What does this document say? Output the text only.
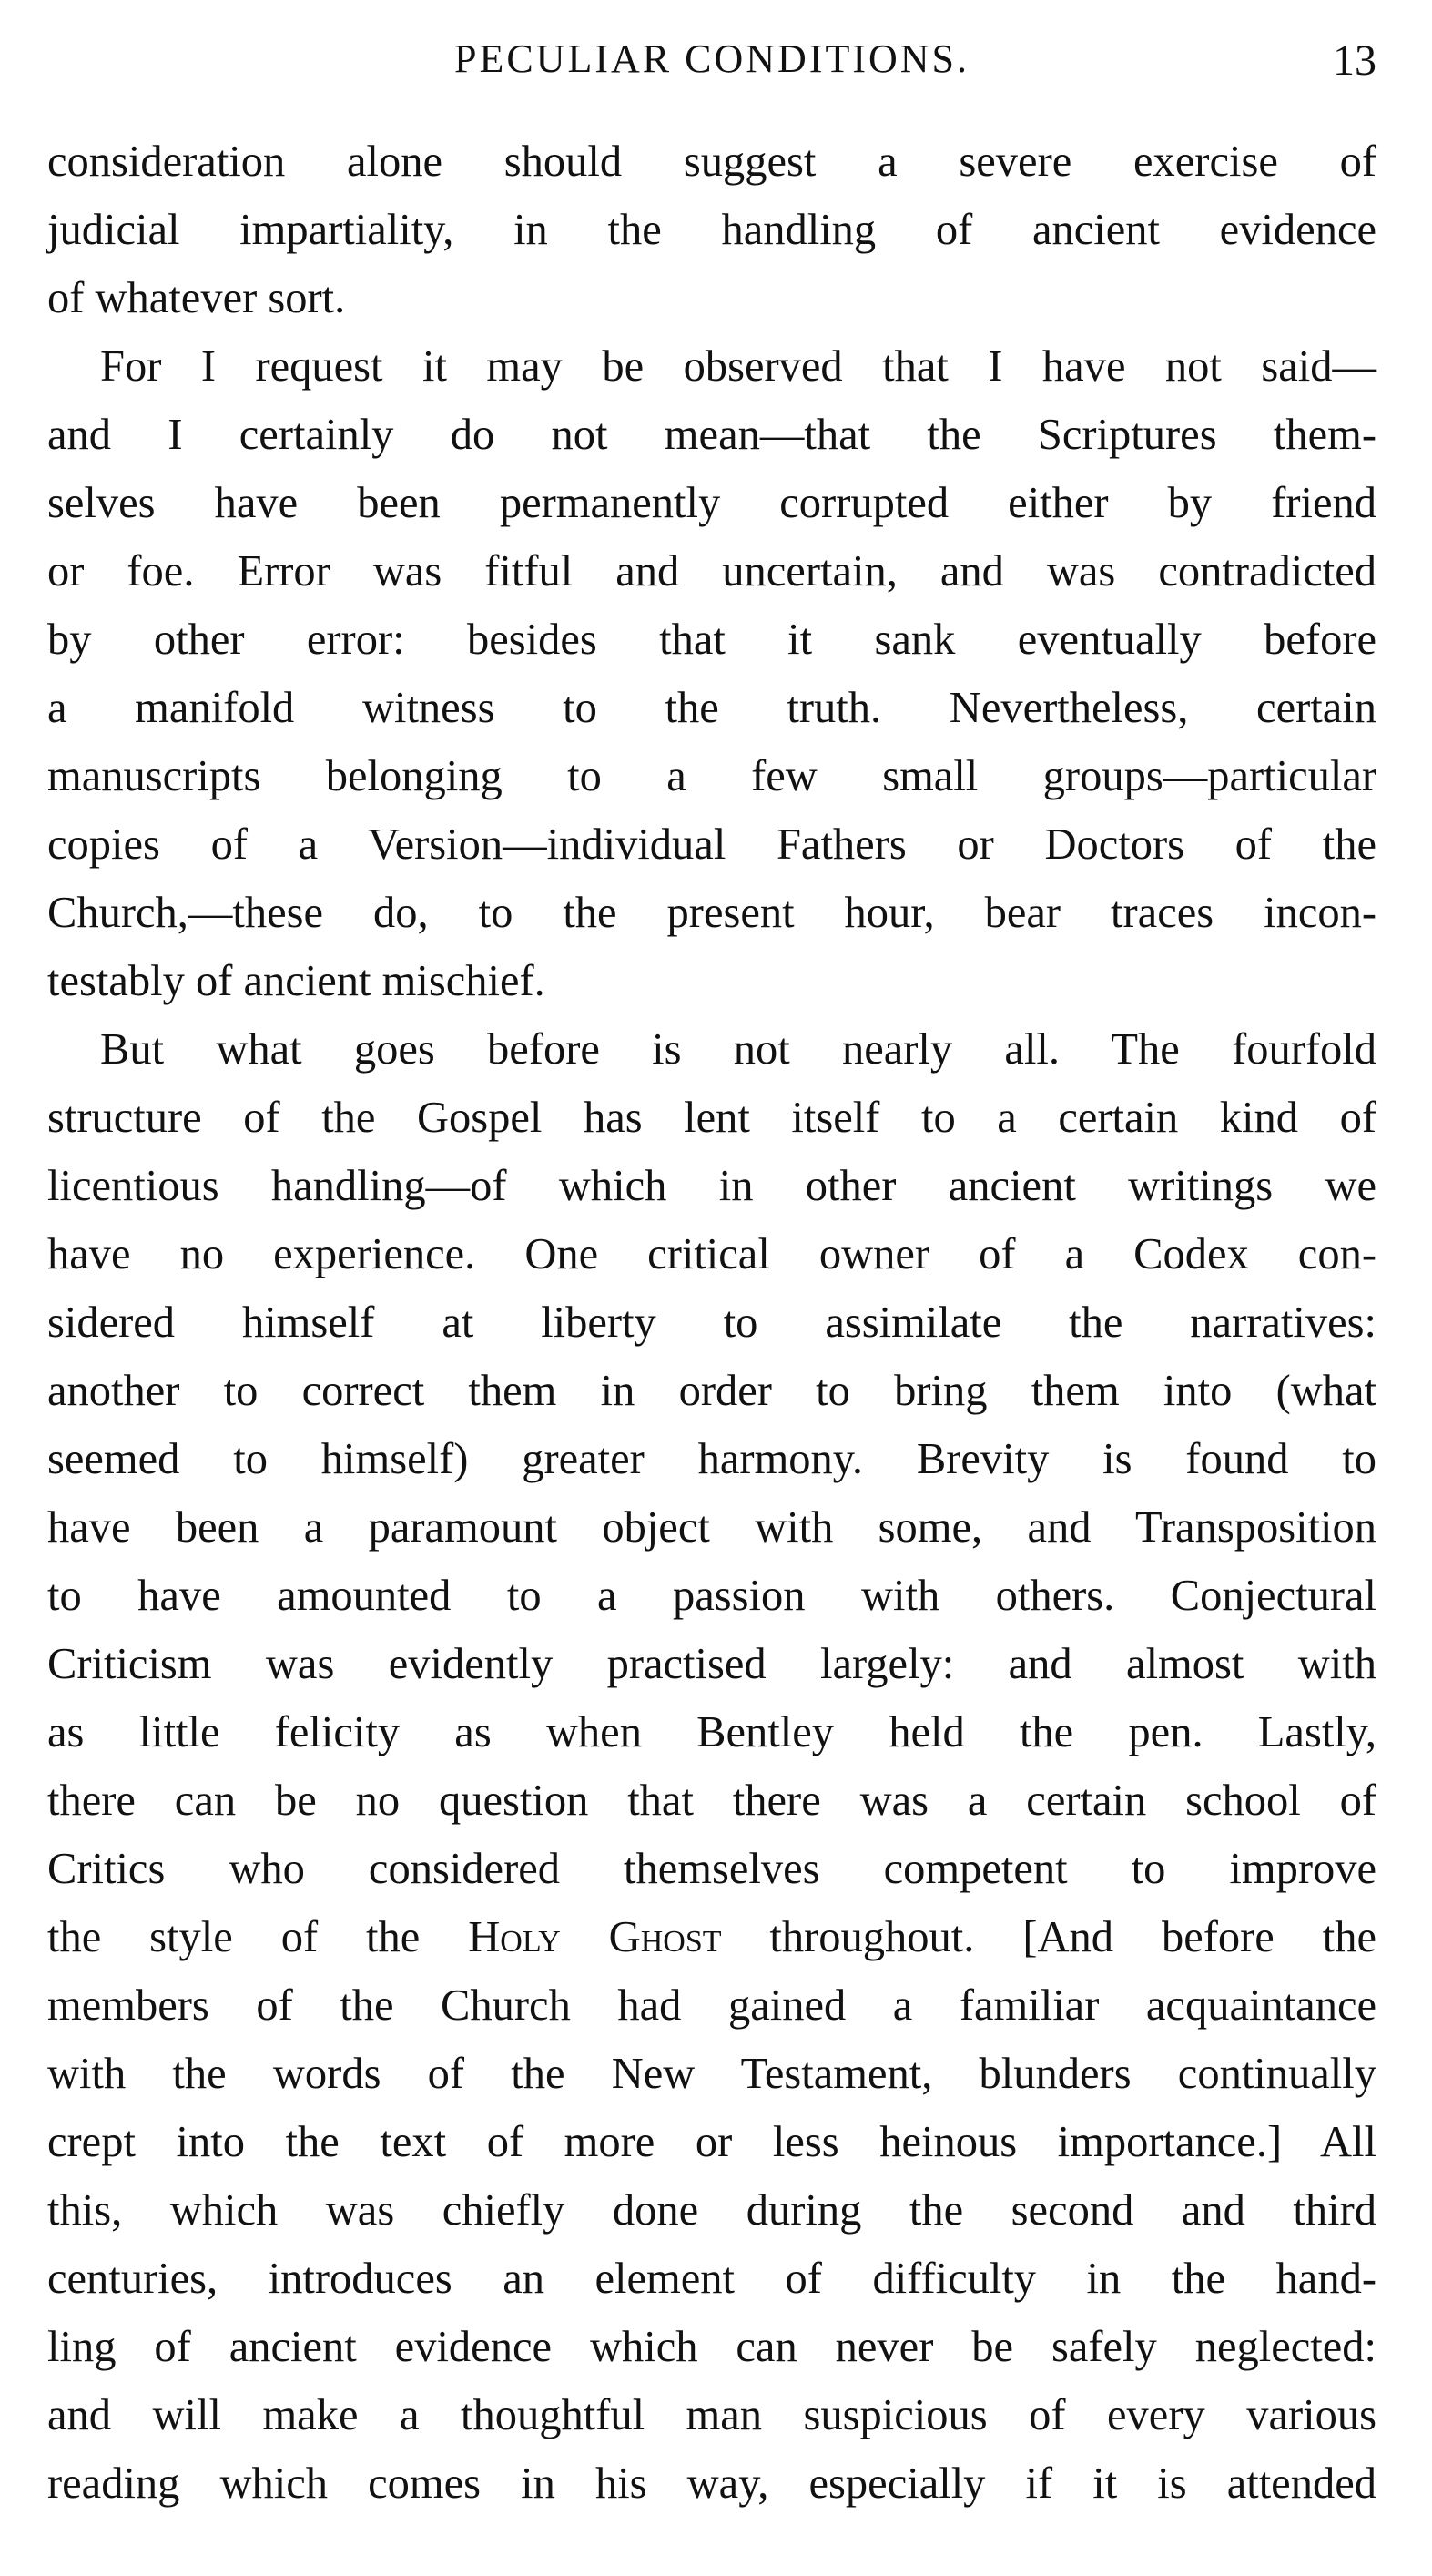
PECULIAR CONDITIONS.	13
consideration alone should suggest a severe exercise of
judicial impartiality, in the handling of ancient evidence
of whatever sort.
For I request it may be observed that I have not said—
and I certainly do not mean—that the Scriptures them-
selves have been permanently corrupted either by friend
or foe. Error was fitful and uncertain, and was contradicted
by other error: besides that it sank eventually before
a manifold witness to the truth. Nevertheless, certain
manuscripts belonging to a few small groups—particular
copies of a Version—individual Fathers or Doctors of the
Church,—these do, to the present hour, bear traces incon-
testably of ancient mischief.
But what goes before is not nearly all. The fourfold
structure of the Gospel has lent itself to a certain kind of
licentious handling—of which in other ancient writings we
have no experience. One critical owner of a Codex con-
sidered himself at liberty to assimilate the narratives:
another to correct them in order to bring them into (what
seemed to himself) greater harmony. Brevity is found to
have been a paramount object with some, and Transposition
to have amounted to a passion with others. Conjectural
Criticism was evidently practised largely: and almost with
as little felicity as when Bentley held the pen. Lastly,
there can be no question that there was a certain school of
Critics who considered themselves competent to improve
the style of the Holy Ghost throughout. [And before the
members of the Church had gained a familiar acquaintance
with the words of the New Testament, blunders continually
crept into the text of more or less heinous importance.] All
this, which was chiefly done during the second and third
centuries, introduces an element of difficulty in the hand-
ling of ancient evidence which can never be safely neglected:
and will make a thoughtful man suspicious of every various
reading which comes in his way, especially if it is attended
